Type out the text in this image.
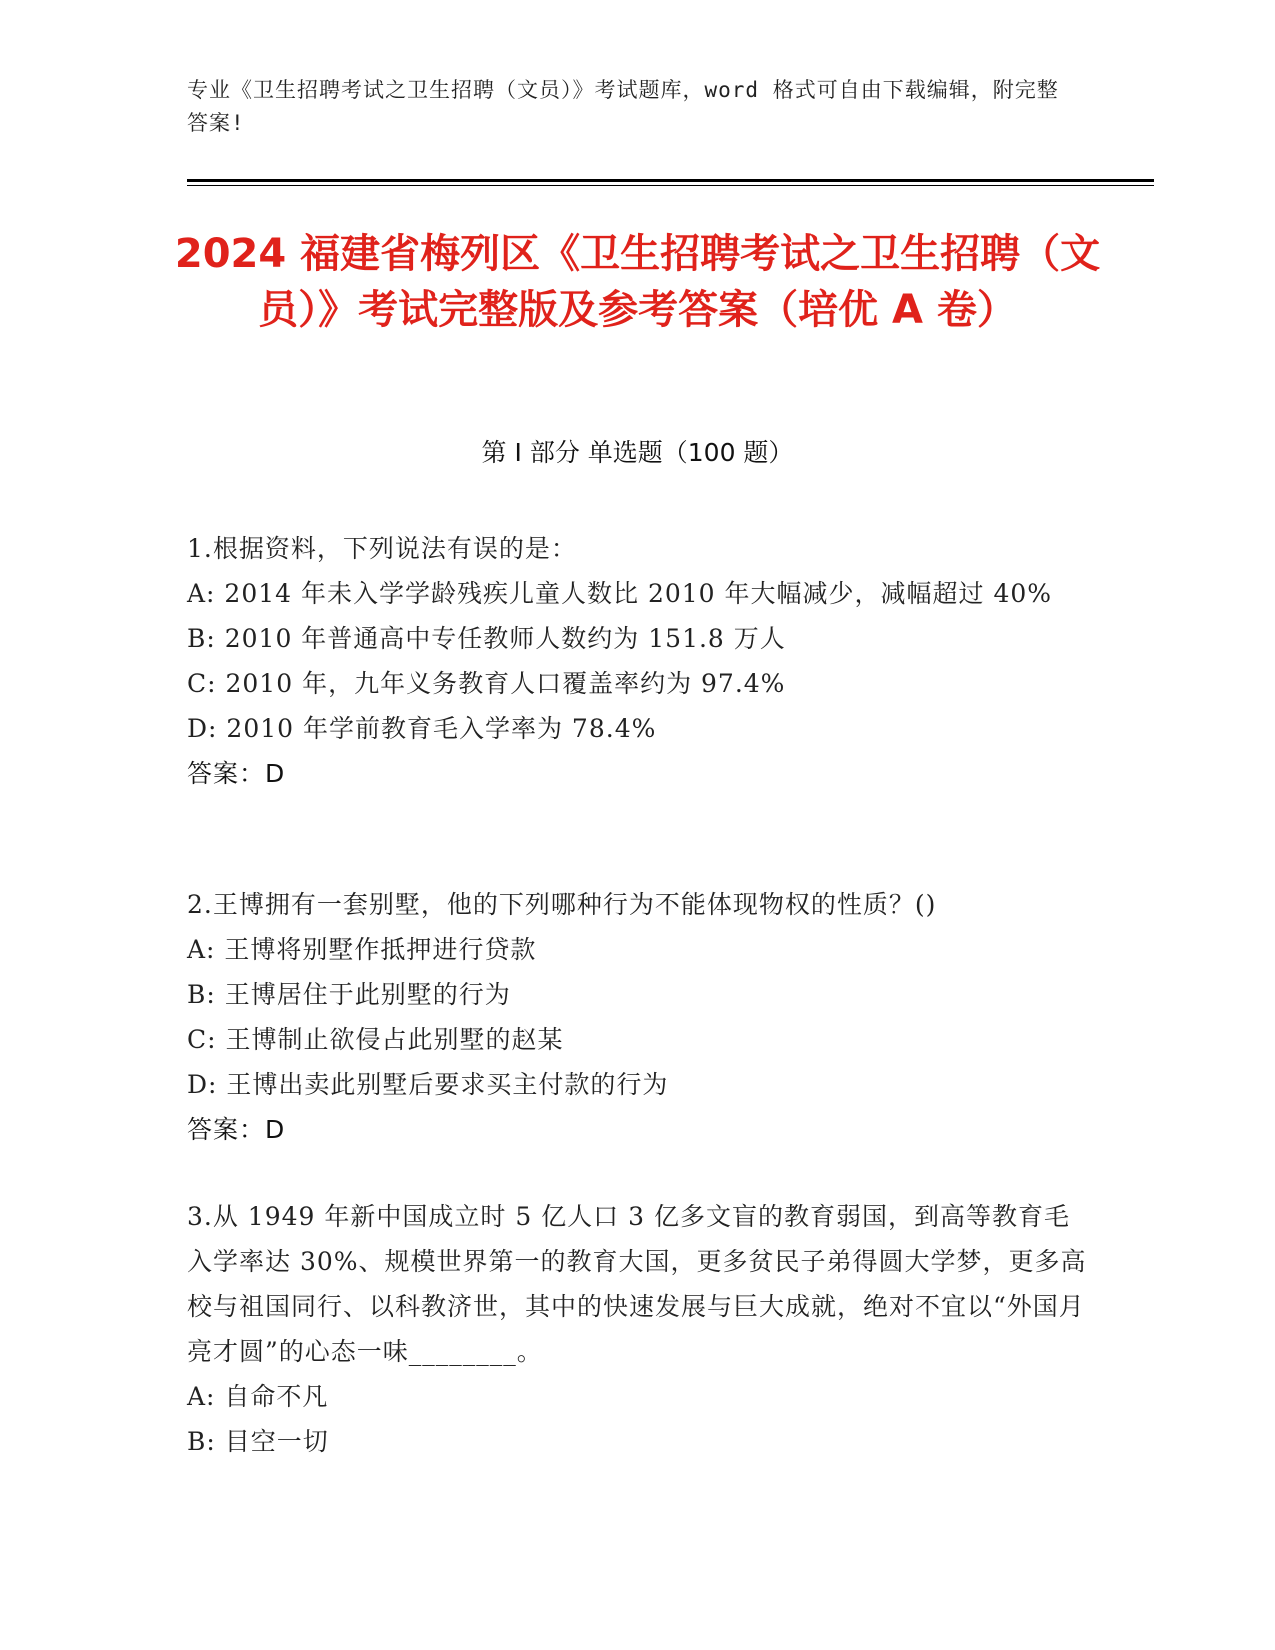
专业《卫生招聘考试之卫生招聘（文员）》考试题库，word 格式可自由下载编辑，附完整答案!
2024 福建省梅列区《卫生招聘考试之卫生招聘（文员）》考试完整版及参考答案（培优 A 卷）
第 I 部分 单选题（100 题）

1.根据资料，下列说法有误的是：

A: 2014 年未入学学龄残疾儿童人数比 2010 年大幅减少，减幅超过 40%

B: 2010 年普通高中专任教师人数约为 151.8 万人

C: 2010 年，九年义务教育人口覆盖率约为 97.4%

D: 2010 年学前教育毛入学率为 78.4%

答案：D

2.王博拥有一套别墅，他的下列哪种行为不能体现物权的性质？()

A: 王博将别墅作抵押进行贷款

B: 王博居住于此别墅的行为

C: 王博制止欲侵占此别墅的赵某

D: 王博出卖此别墅后要求买主付款的行为

答案：D

3.从 1949 年新中国成立时 5 亿人口 3 亿多文盲的教育弱国，到高等教育毛入学率达 30%、规模世界第一的教育大国，更多贫民子弟得圆大学梦，更多高校与祖国同行、以科教济世，其中的快速发展与巨大成就，绝对不宜以“外国月亮才圆”的心态一味________。

A: 自命不凡

B: 目空一切
